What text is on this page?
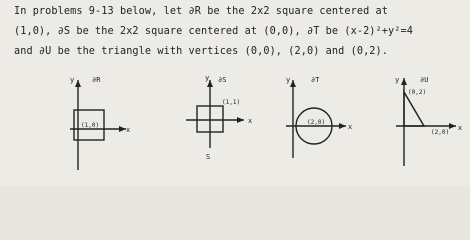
In problems 9-13 below, let ∂R be the 2x2 square centered at
(1,0), ∂S be the 2x2 square centered at (0,0), ∂T be (x-2)²+y²=4
and ∂U be the triangle with vertices (0,0), (2,0) and (0,2).
y	∂R
x
(1,0)
y ∂S
x
(1,1)
S
y	∂T
x
(2,0)
y	∂U
x
(0,2)
(2,0)
